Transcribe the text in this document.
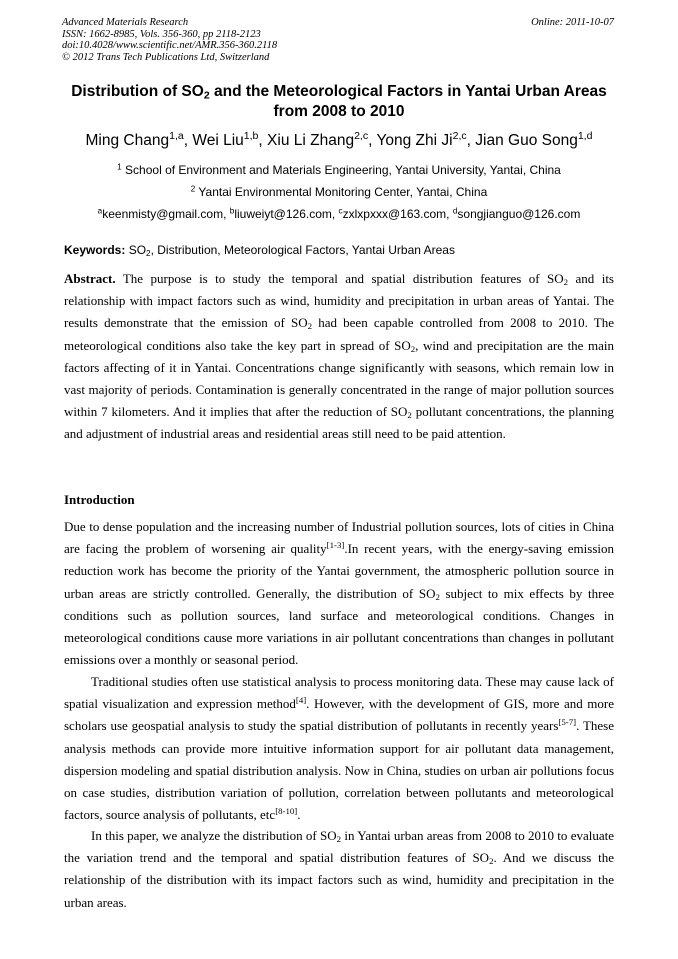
Advanced Materials Research
ISSN: 1662-8985, Vols. 356-360, pp 2118-2123
doi:10.4028/www.scientific.net/AMR.356-360.2118
© 2012 Trans Tech Publications Ltd, Switzerland
Online: 2011-10-07
Distribution of $SO_2$ and the Meteorological Factors in Yantai Urban Areas
from 2008 to 2010
Ming Chang$^{1,a}$, Wei Liu$^{1,b}$, Xiu Li Zhang$^{2,c}$, Yong Zhi Ji$^{2,c}$, Jian Guo Song$^{1,d}$
$^1$ School of Environment and Materials Engineering, Yantai University, Yantai, China
$^2$ Yantai Environmental Monitoring Center, Yantai, China
$^a$keenmisty@gmail.com, $^b$liuweiyt@126.com, $^c$zxlxpxxx@163.com, $^d$songjianguo@126.com
Keywords: $SO_2$, Distribution, Meteorological Factors, Yantai Urban Areas

Abstract. The purpose is to study the temporal and spatial distribution features of $SO_2$ and its relationship with impact factors such as wind, humidity and precipitation in urban areas of Yantai. The results demonstrate that the emission of $SO_2$ had been capable controlled from 2008 to 2010. The meteorological conditions also take the key part in spread of $SO_2$, wind and precipitation are the main factors affecting of it in Yantai. Concentrations change significantly with seasons, which remain low in vast majority of periods. Contamination is generally concentrated in the range of major pollution sources within 7 kilometers. And it implies that after the reduction of $SO_2$ pollutant concentrations, the planning and adjustment of industrial areas and residential areas still need to be paid attention.

Introduction

Due to dense population and the increasing number of Industrial pollution sources, lots of cities in China are facing the problem of worsening air quality[1-3].In recent years, with the energy-saving emission reduction work has become the priority of the Yantai government, the atmospheric pollution source in urban areas are strictly controlled. Generally, the distribution of $SO_2$ subject to mix effects by three conditions such as pollution sources, land surface and meteorological conditions. Changes in meteorological conditions cause more variations in air pollutant concentrations than changes in pollutant emissions over a monthly or seasonal period.

Traditional studies often use statistical analysis to process monitoring data. These may cause lack of spatial visualization and expression method[4]. However, with the development of GIS, more and more scholars use geospatial analysis to study the spatial distribution of pollutants in recently years[5-7]. These analysis methods can provide more intuitive information support for air pollutant data management, dispersion modeling and spatial distribution analysis. Now in China, studies on urban air pollutions focus on case studies, distribution variation of pollution, correlation between pollutants and meteorological factors, source analysis of pollutants, etc[8-10].

In this paper, we analyze the distribution of $SO_2$ in Yantai urban areas from 2008 to 2010 to evaluate the variation trend and the temporal and spatial distribution features of $SO_2$. And we discuss the relationship of the distribution with its impact factors such as wind, humidity and precipitation in the urban areas.
